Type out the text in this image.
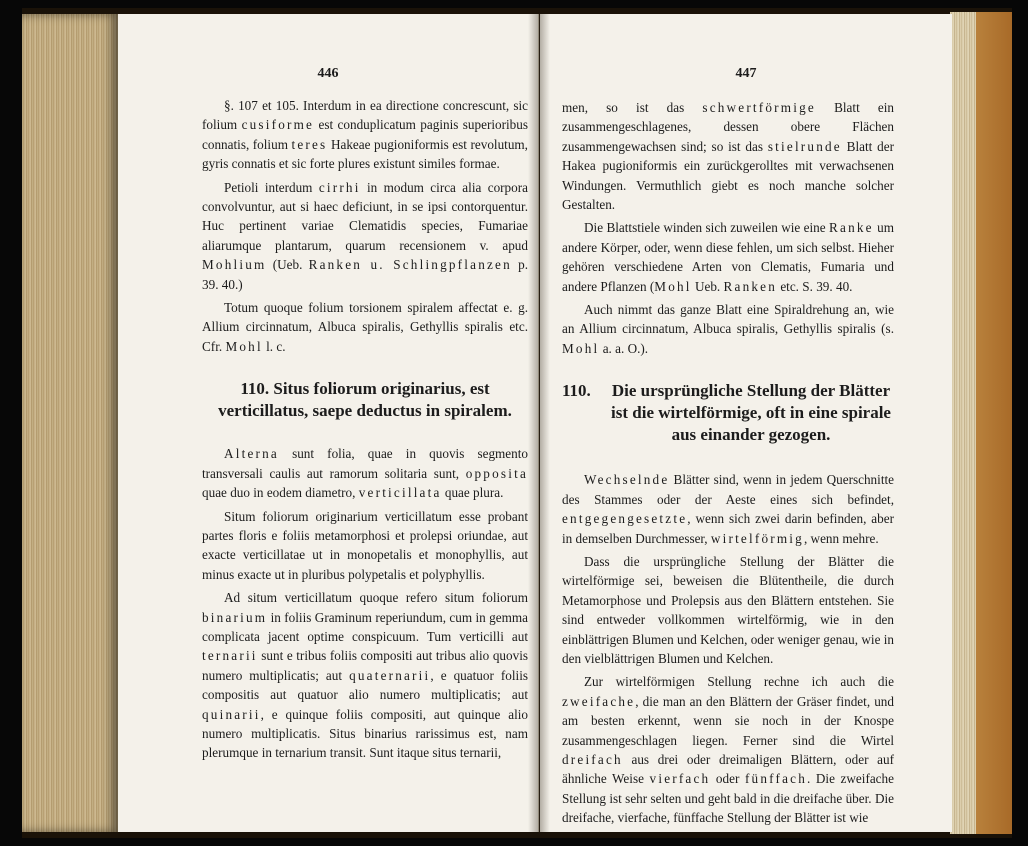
446

§. 107 et 105. Interdum in ea directione concrescunt, sic folium cusiforme est conduplicatum paginis superioribus connatis, folium teres Hakeae pugioniformis est revolutum, gyris connatis et sic forte plures existunt similes formae.

Petioli interdum cirrhi in modum circa alia corpora convolvuntur, aut si haec deficiunt, in se ipsi contorquentur. Huc pertinent variae Clematidis species, Fumariae aliarumque plantarum, quarum recensionem v. apud Mohlium (Ueb. Ranken u. Schlingpflanzen p. 39. 40.)

Totum quoque folium torsionem spiralem affectat e. g. Allium circinnatum, Albuca spiralis, Gethyllis spiralis etc. Cfr. Mohl l. c.

110. Situs foliorum originarius, est verticillatus, saepe deductus in spiralem.

Alterna sunt folia, quae in quovis segmento transversali caulis aut ramorum solitaria sunt, opposita quae duo in eodem diametro, verticillata quae plura.

Situm foliorum originarium verticillatum esse probant partes floris e foliis metamorphosi et prolepsi oriundae, aut exacte verticillatae ut in monopetalis et monophyllis, aut minus exacte ut in pluribus polypetalis et polyphyllis.

Ad situm verticillatum quoque refero situm foliorum binarium in foliis Graminum reperiundum, cum in gemma complicata jacent optime conspicuum. Tum verticilli aut ternarii sunt e tribus foliis compositi aut tribus alio quovis numero multiplicatis; aut quaternarii, e quatuor foliis compositis aut quatuor alio numero multiplicatis; aut quinarii, e quinque foliis compositi, aut quinque alio numero multiplicatis. Situs binarius rarissimus est, nam plerumque in ternarium transit. Sunt itaque situs ternarii,

447

men, so ist das schwertförmige Blatt ein zusammengeschlagenes, dessen obere Flächen zusammengewachsen sind; so ist das stielrunde Blatt der Hakea pugioniformis ein zurückgerolltes mit verwachsenen Windungen. Vermuthlich giebt es noch manche solcher Gestalten.

Die Blattstiele winden sich zuweilen wie eine Ranke um andere Körper, oder, wenn diese fehlen, um sich selbst. Hieher gehören verschiedene Arten von Clematis, Fumaria und andere Pflanzen (Mohl Ueb. Ranken etc. S. 39. 40.

Auch nimmt das ganze Blatt eine Spiraldrehung an, wie an Allium circinnatum, Albuca spiralis, Gethyllis spiralis (s. Mohl a. a. O.).

110.	Die ursprüngliche Stellung der Blätter ist die wirtelförmige, oft in eine spirale aus einander gezogen.

Wechselnde Blätter sind, wenn in jedem Querschnitte des Stammes oder der Aeste eines sich befindet, entgegengesetzte, wenn sich zwei darin befinden, aber in demselben Durchmesser, wirtelförmig, wenn mehre.

Dass die ursprüngliche Stellung der Blätter die wirtelförmige sei, beweisen die Blütentheile, die durch Metamorphose und Prolepsis aus den Blättern entstehen. Sie sind entweder vollkommen wirtelförmig, wie in den einblättrigen Blumen und Kelchen, oder weniger genau, wie in den vielblättrigen Blumen und Kelchen.

Zur wirtelförmigen Stellung rechne ich auch die zweifache, die man an den Blättern der Gräser findet, und am besten erkennt, wenn sie noch in der Knospe zusammengeschlagen liegen. Ferner sind die Wirtel dreifach aus drei oder dreimaligen Blättern, oder auf ähnliche Weise vierfach oder fünffach. Die zweifache Stellung ist sehr selten und geht bald in die dreifache über. Die dreifache, vierfache, fünffache Stellung der Blätter ist wie
